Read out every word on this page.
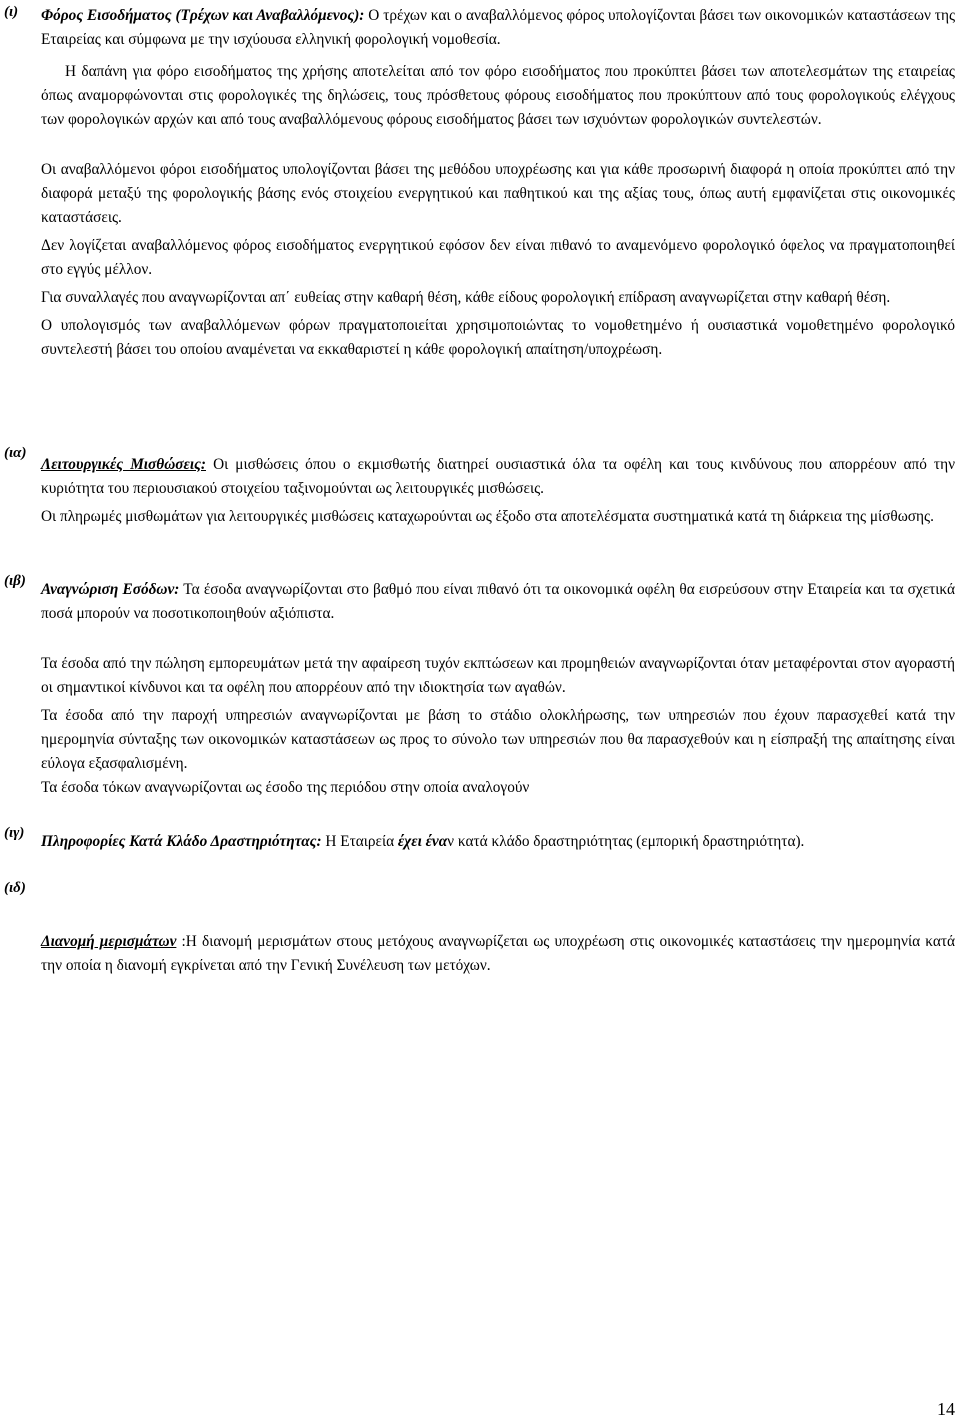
(ι) Φόρος Εισοδήματος (Τρέχων και Αναβαλλόμενος): Ο τρέχων και ο αναβαλλόμενος φόρος υπολογίζονται βάσει των οικονομικών καταστάσεων της Εταιρείας και σύμφωνα με την ισχύουσα ελληνική φορολογική νομοθεσία.

Η δαπάνη για φόρο εισοδήματος της χρήσης αποτελείται από τον φόρο εισοδήματος που προκύπτει βάσει των αποτελεσμάτων της εταιρείας όπως αναμορφώνονται στις φορολογικές της δηλώσεις, τους πρόσθετους φόρους εισοδήματος που προκύπτουν από τους φορολογικούς ελέγχους των φορολογικών αρχών και από τους αναβαλλόμενους φόρους εισοδήματος βάσει των ισχυόντων φορολογικών συντελεστών.

Οι αναβαλλόμενοι φόροι εισοδήματος υπολογίζονται βάσει της μεθόδου υποχρέωσης και για κάθε προσωρινή διαφορά η οποία προκύπτει από την διαφορά μεταξύ της φορολογικής βάσης ενός στοιχείου ενεργητικού και παθητικού και της αξίας τους, όπως αυτή εμφανίζεται στις οικονομικές καταστάσεις.

Δεν λογίζεται αναβαλλόμενος φόρος εισοδήματος ενεργητικού εφόσον δεν είναι πιθανό το αναμενόμενο φορολογικό όφελος να πραγματοποιηθεί στο εγγύς μέλλον.

Για συναλλαγές που αναγνωρίζονται απ΄ ευθείας στην καθαρή θέση, κάθε είδους φορολογική επίδραση αναγνωρίζεται στην καθαρή θέση.

Ο υπολογισμός των αναβαλλόμενων φόρων πραγματοποιείται χρησιμοποιώντας το νομοθετημένο ή ουσιαστικά νομοθετημένο φορολογικό συντελεστή βάσει του οποίου αναμένεται να εκκαθαριστεί η κάθε φορολογική απαίτηση/υποχρέωση.

(ια)

Λειτουργικές Μισθώσεις: Οι μισθώσεις όπου ο εκμισθωτής διατηρεί ουσιαστικά όλα τα οφέλη και τους κινδύνους που απορρέουν από την κυριότητα του περιουσιακού στοιχείου ταξινομούνται ως λειτουργικές μισθώσεις.

Οι πληρωμές μισθωμάτων για λειτουργικές μισθώσεις καταχωρούνται ως έξοδο στα αποτελέσματα συστηματικά κατά τη διάρκεια της μίσθωσης.

(ιβ) Αναγνώριση Εσόδων: Τα έσοδα αναγνωρίζονται στο βαθμό που είναι πιθανό ότι τα οικονομικά οφέλη θα εισρεύσουν στην Εταιρεία και τα σχετικά ποσά μπορούν να ποσοτικοποιηθούν αξιόπιστα.

Τα έσοδα από την πώληση εμπορευμάτων μετά την αφαίρεση τυχόν εκπτώσεων και προμηθειών αναγνωρίζονται όταν μεταφέρονται στον αγοραστή οι σημαντικοί κίνδυνοι και τα οφέλη που απορρέουν από την ιδιοκτησία των αγαθών.

Τα έσοδα από την παροχή υπηρεσιών αναγνωρίζονται με βάση το στάδιο ολοκλήρωσης, των υπηρεσιών που έχουν παρασχεθεί κατά την ημερομηνία σύνταξης των οικονομικών καταστάσεων ως προς το σύνολο των υπηρεσιών που θα παρασχεθούν και η είσπραξή της απαίτησης είναι εύλογα εξασφαλισμένη.

Τα έσοδα τόκων αναγνωρίζονται ως έσοδο της περιόδου στην οποία αναλογούν

(ιγ) Πληροφορίες Κατά Κλάδο Δραστηριότητας: Η Εταιρεία έχει έναν κατά κλάδο δραστηριότητας (εμπορική δραστηριότητα).

(ιδ)

Διανομή μερισμάτων :Η διανομή μερισμάτων στους μετόχους αναγνωρίζεται ως υποχρέωση στις οικονομικές καταστάσεις την ημερομηνία κατά την οποία η διανομή εγκρίνεται από την Γενική Συνέλευση των μετόχων.

14
